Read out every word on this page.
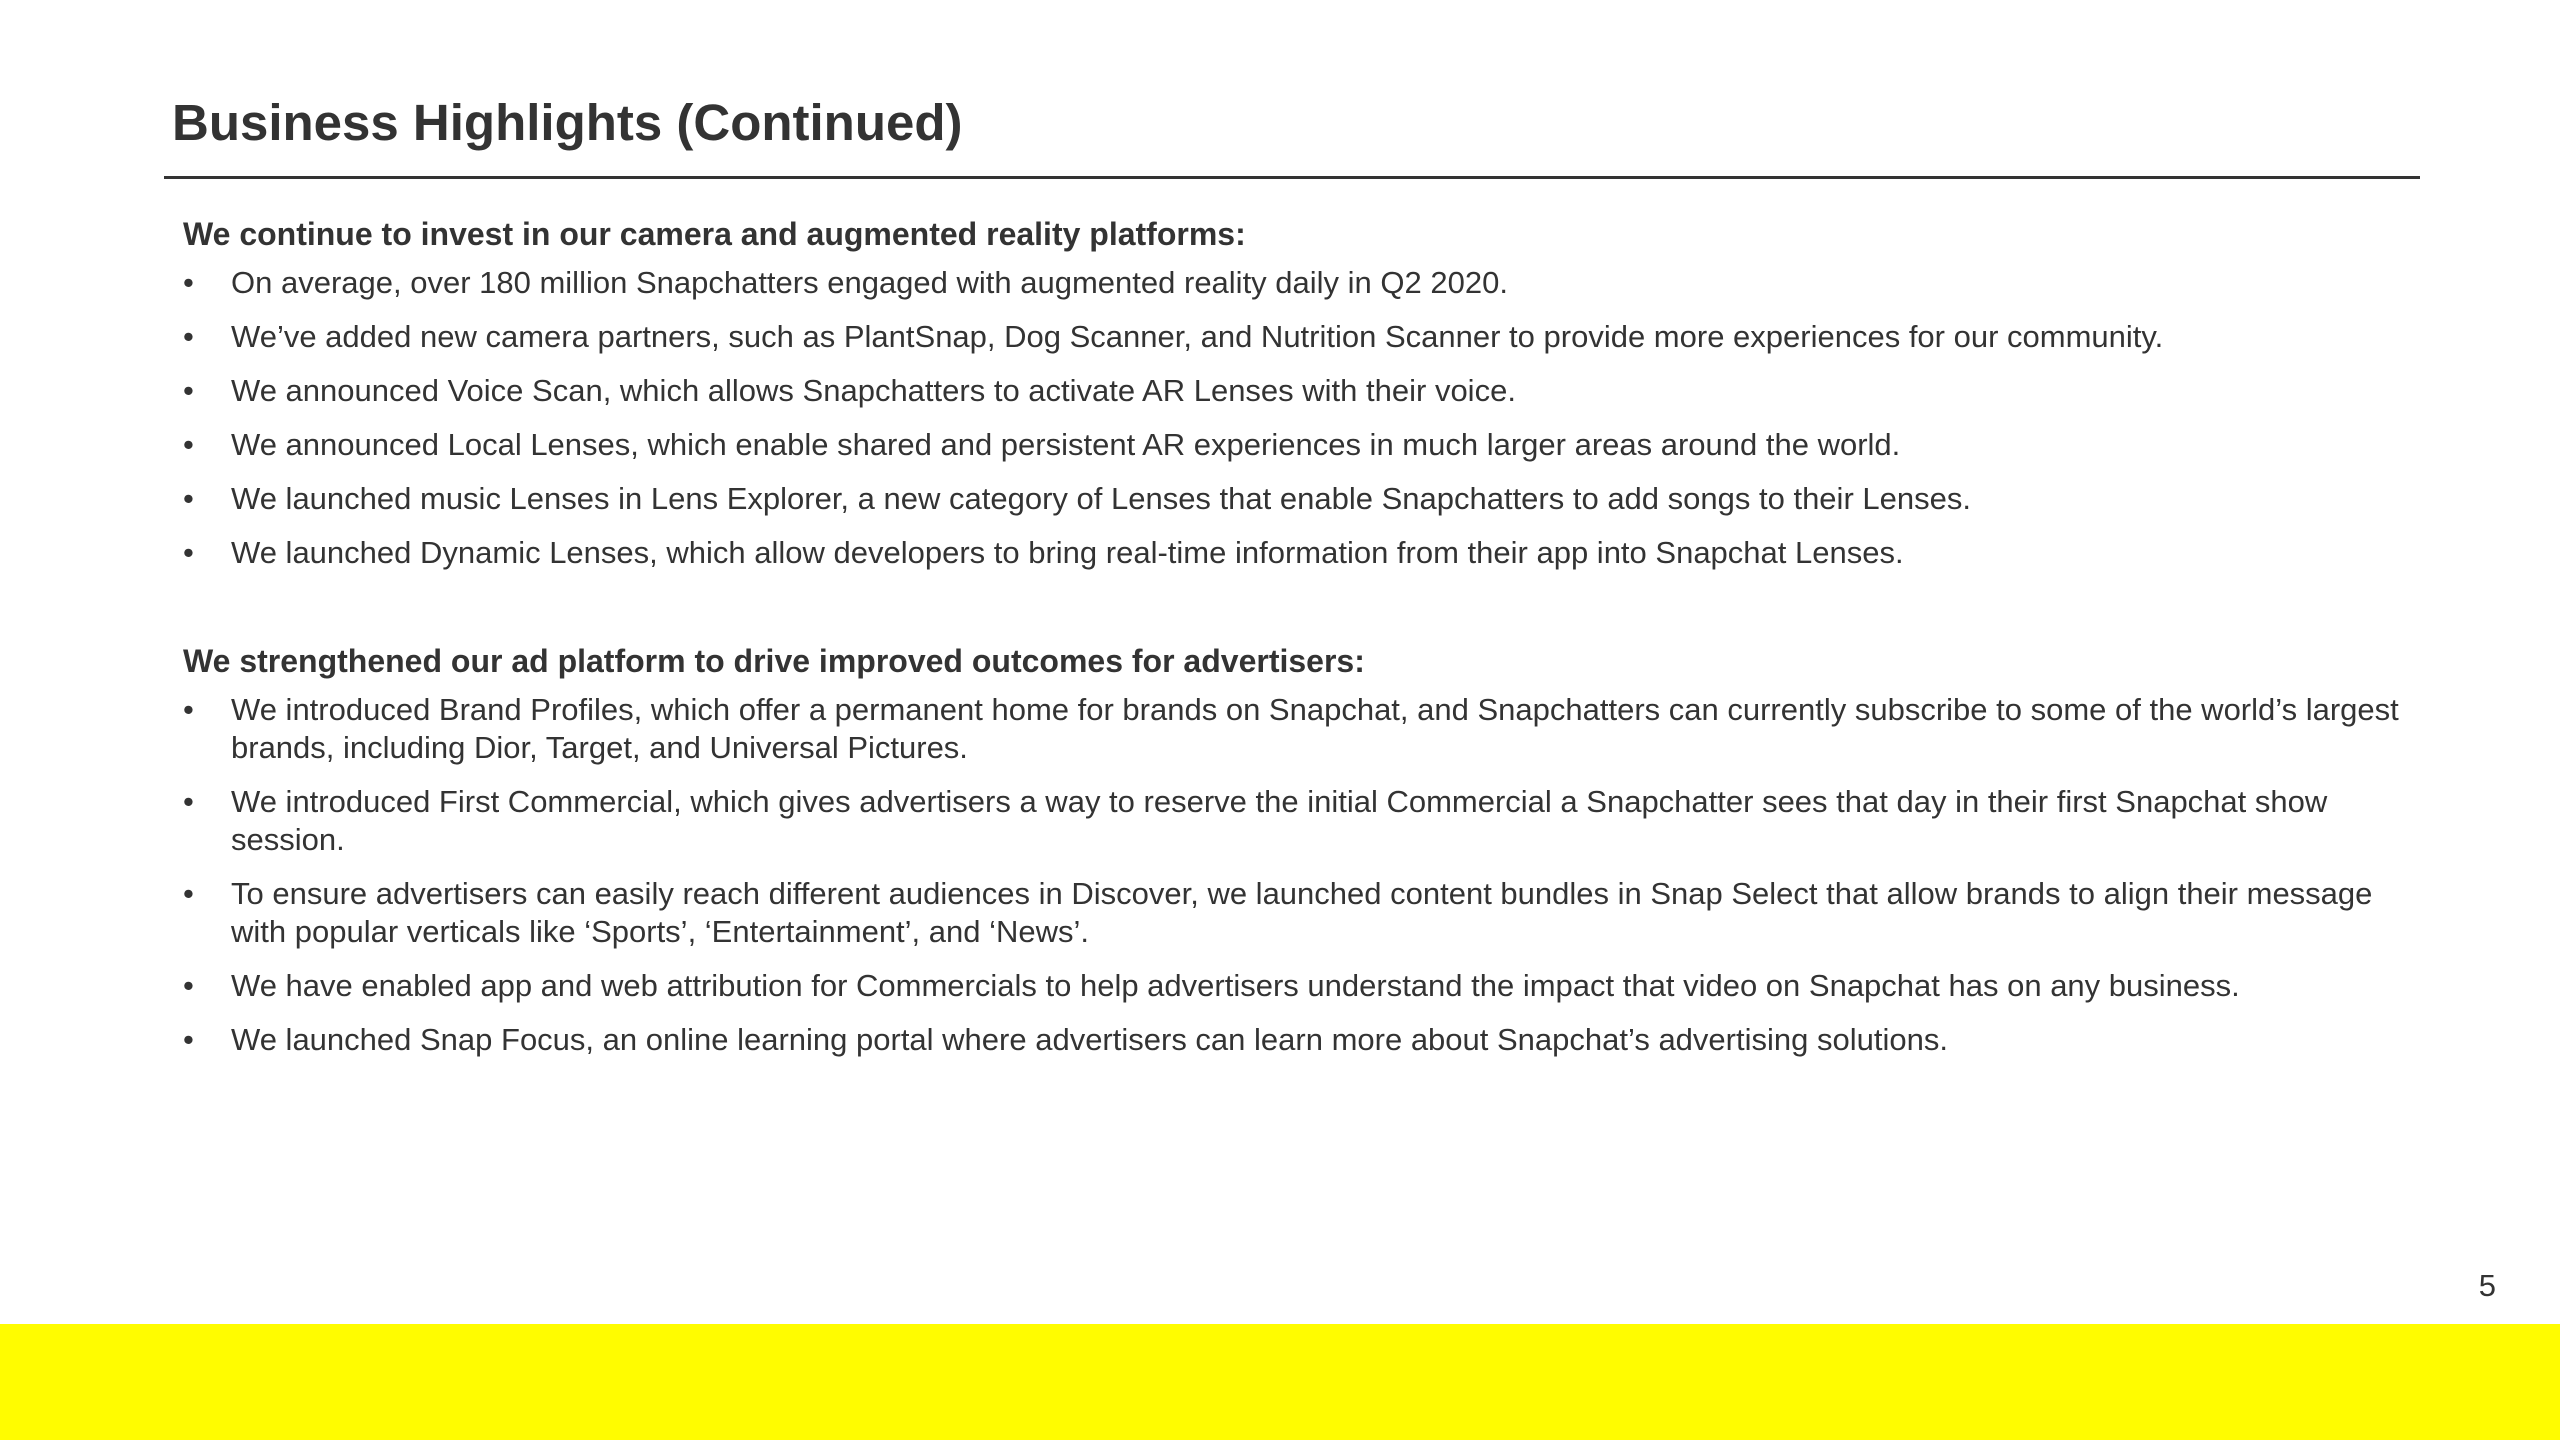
Business Highlights (Continued)

We continue to invest in our camera and augmented reality platforms:

• On average, over 180 million Snapchatters engaged with augmented reality daily in Q2 2020.
• We’ve added new camera partners, such as PlantSnap, Dog Scanner, and Nutrition Scanner to provide more experiences for our community.
• We announced Voice Scan, which allows Snapchatters to activate AR Lenses with their voice.
• We announced Local Lenses, which enable shared and persistent AR experiences in much larger areas around the world.
• We launched music Lenses in Lens Explorer, a new category of Lenses that enable Snapchatters to add songs to their Lenses.
• We launched Dynamic Lenses, which allow developers to bring real-time information from their app into Snapchat Lenses.

We strengthened our ad platform to drive improved outcomes for advertisers:

• We introduced Brand Profiles, which offer a permanent home for brands on Snapchat, and Snapchatters can currently subscribe to some of the world’s largest brands, including Dior, Target, and Universal Pictures.
• We introduced First Commercial, which gives advertisers a way to reserve the initial Commercial a Snapchatter sees that day in their first Snapchat show session.
• To ensure advertisers can easily reach different audiences in Discover, we launched content bundles in Snap Select that allow brands to align their message with popular verticals like ‘Sports’, ‘Entertainment’, and ‘News’.
• We have enabled app and web attribution for Commercials to help advertisers understand the impact that video on Snapchat has on any business.
• We launched Snap Focus, an online learning portal where advertisers can learn more about Snapchat’s advertising solutions.
5
